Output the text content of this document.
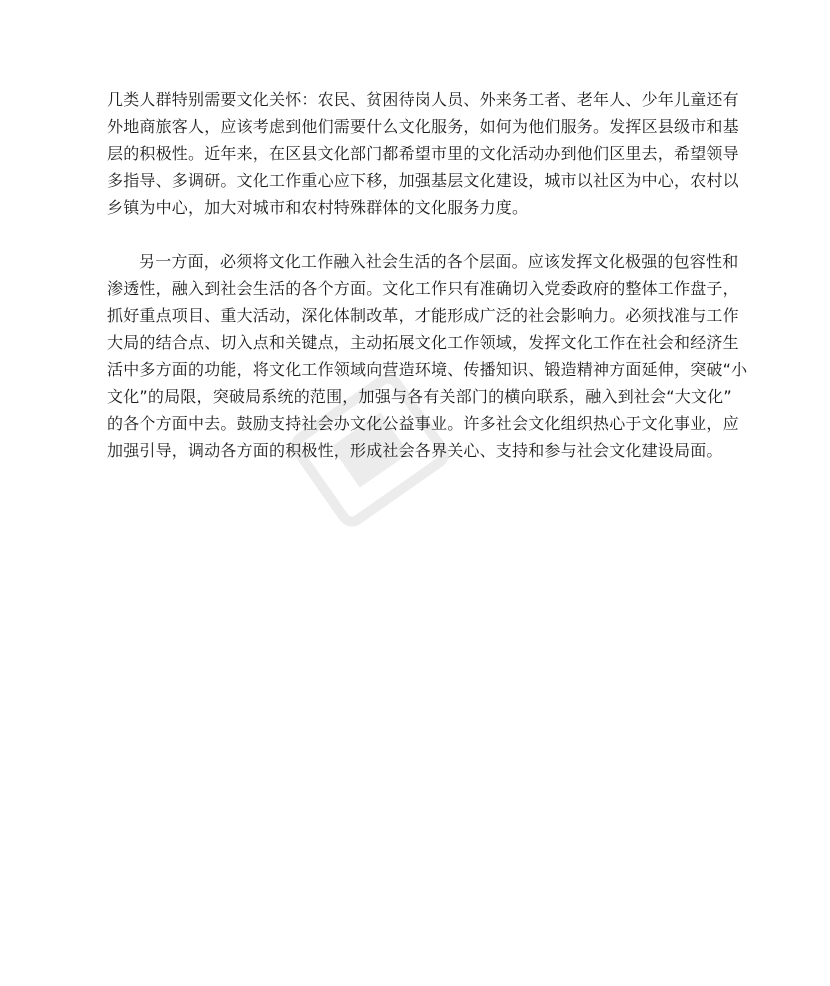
几类人群特别需要文化关怀：农民、贫困待岗人员、外来务工者、老年人、少年儿童还有
外地商旅客人，应该考虑到他们需要什么文化服务，如何为他们服务。发挥区县级市和基
层的积极性。近年来，在区县文化部门都希望市里的文化活动办到他们区里去，希望领导
多指导、多调研。文化工作重心应下移，加强基层文化建设，城市以社区为中心，农村以
乡镇为中心，加大对城市和农村特殊群体的文化服务力度。
另一方面，必须将文化工作融入社会生活的各个层面。应该发挥文化极强的包容性和
渗透性，融入到社会生活的各个方面。文化工作只有准确切入党委政府的整体工作盘子，
抓好重点项目、重大活动，深化体制改革，才能形成广泛的社会影响力。必须找准与工作
大局的结合点、切入点和关键点，主动拓展文化工作领域，发挥文化工作在社会和经济生
活中多方面的功能，将文化工作领域向营造环境、传播知识、锻造精神方面延伸，突破“小
文化”的局限，突破局系统的范围，加强与各有关部门的横向联系，融入到社会“大文化”
的各个方面中去。鼓励支持社会办文化公益事业。许多社会文化组织热心于文化事业，应
加强引导，调动各方面的积极性，形成社会各界关心、支持和参与社会文化建设局面。
